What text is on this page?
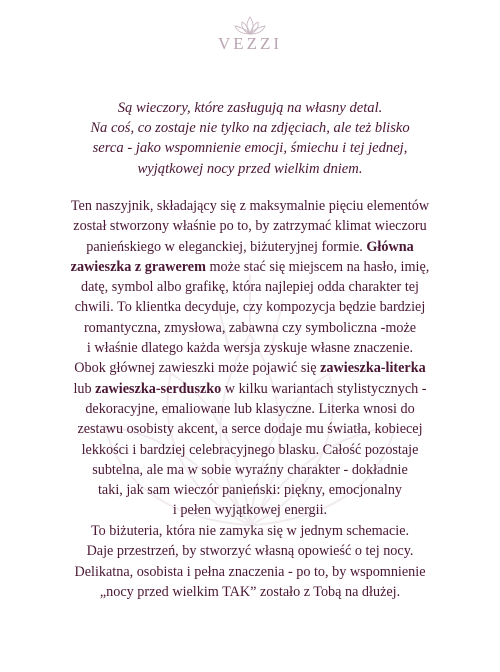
VEZZI

Są wieczory, które zasługują na własny detal.
Na coś, co zostaje nie tylko na zdjęciach, ale też blisko
serca - jako wspomnienie emocji, śmiechu i tej jednej,
wyjątkowej nocy przed wielkim dniem.

Ten naszyjnik, składający się z maksymalnie pięciu elementów
został stworzony właśnie po to, by zatrzymać klimat wieczoru
panieńskiego w eleganckiej, biżuteryjnej formie. Główna
zawieszka z grawerem może stać się miejscem na hasło, imię,
datę, symbol albo grafikę, która najlepiej odda charakter tej
chwili. To klientka decyduje, czy kompozycja będzie bardziej
romantyczna, zmysłowa, zabawna czy symboliczna -może
i właśnie dlatego każda wersja zyskuje własne znaczenie.
Obok głównej zawieszki może pojawić się zawieszka-literka
lub zawieszka-serduszko w kilku wariantach stylistycznych -
dekoracyjne, emaliowane lub klasyczne. Literka wnosi do
zestawu osobisty akcent, a serce dodaje mu światła, kobiecej
lekkości i bardziej celebracyjnego blasku. Całość pozostaje
subtelna, ale ma w sobie wyraźny charakter - dokładnie
taki, jak sam wieczór panieński: piękny, emocjonalny
i pełen wyjątkowej energii.

To biżuteria, która nie zamyka się w jednym schemacie.
Daje przestrzeń, by stworzyć własną opowieść o tej nocy.
Delikatna, osobista i pełna znaczenia - po to, by wspomnienie
„nocy przed wielkim TAK” zostało z Tobą na dłużej.
